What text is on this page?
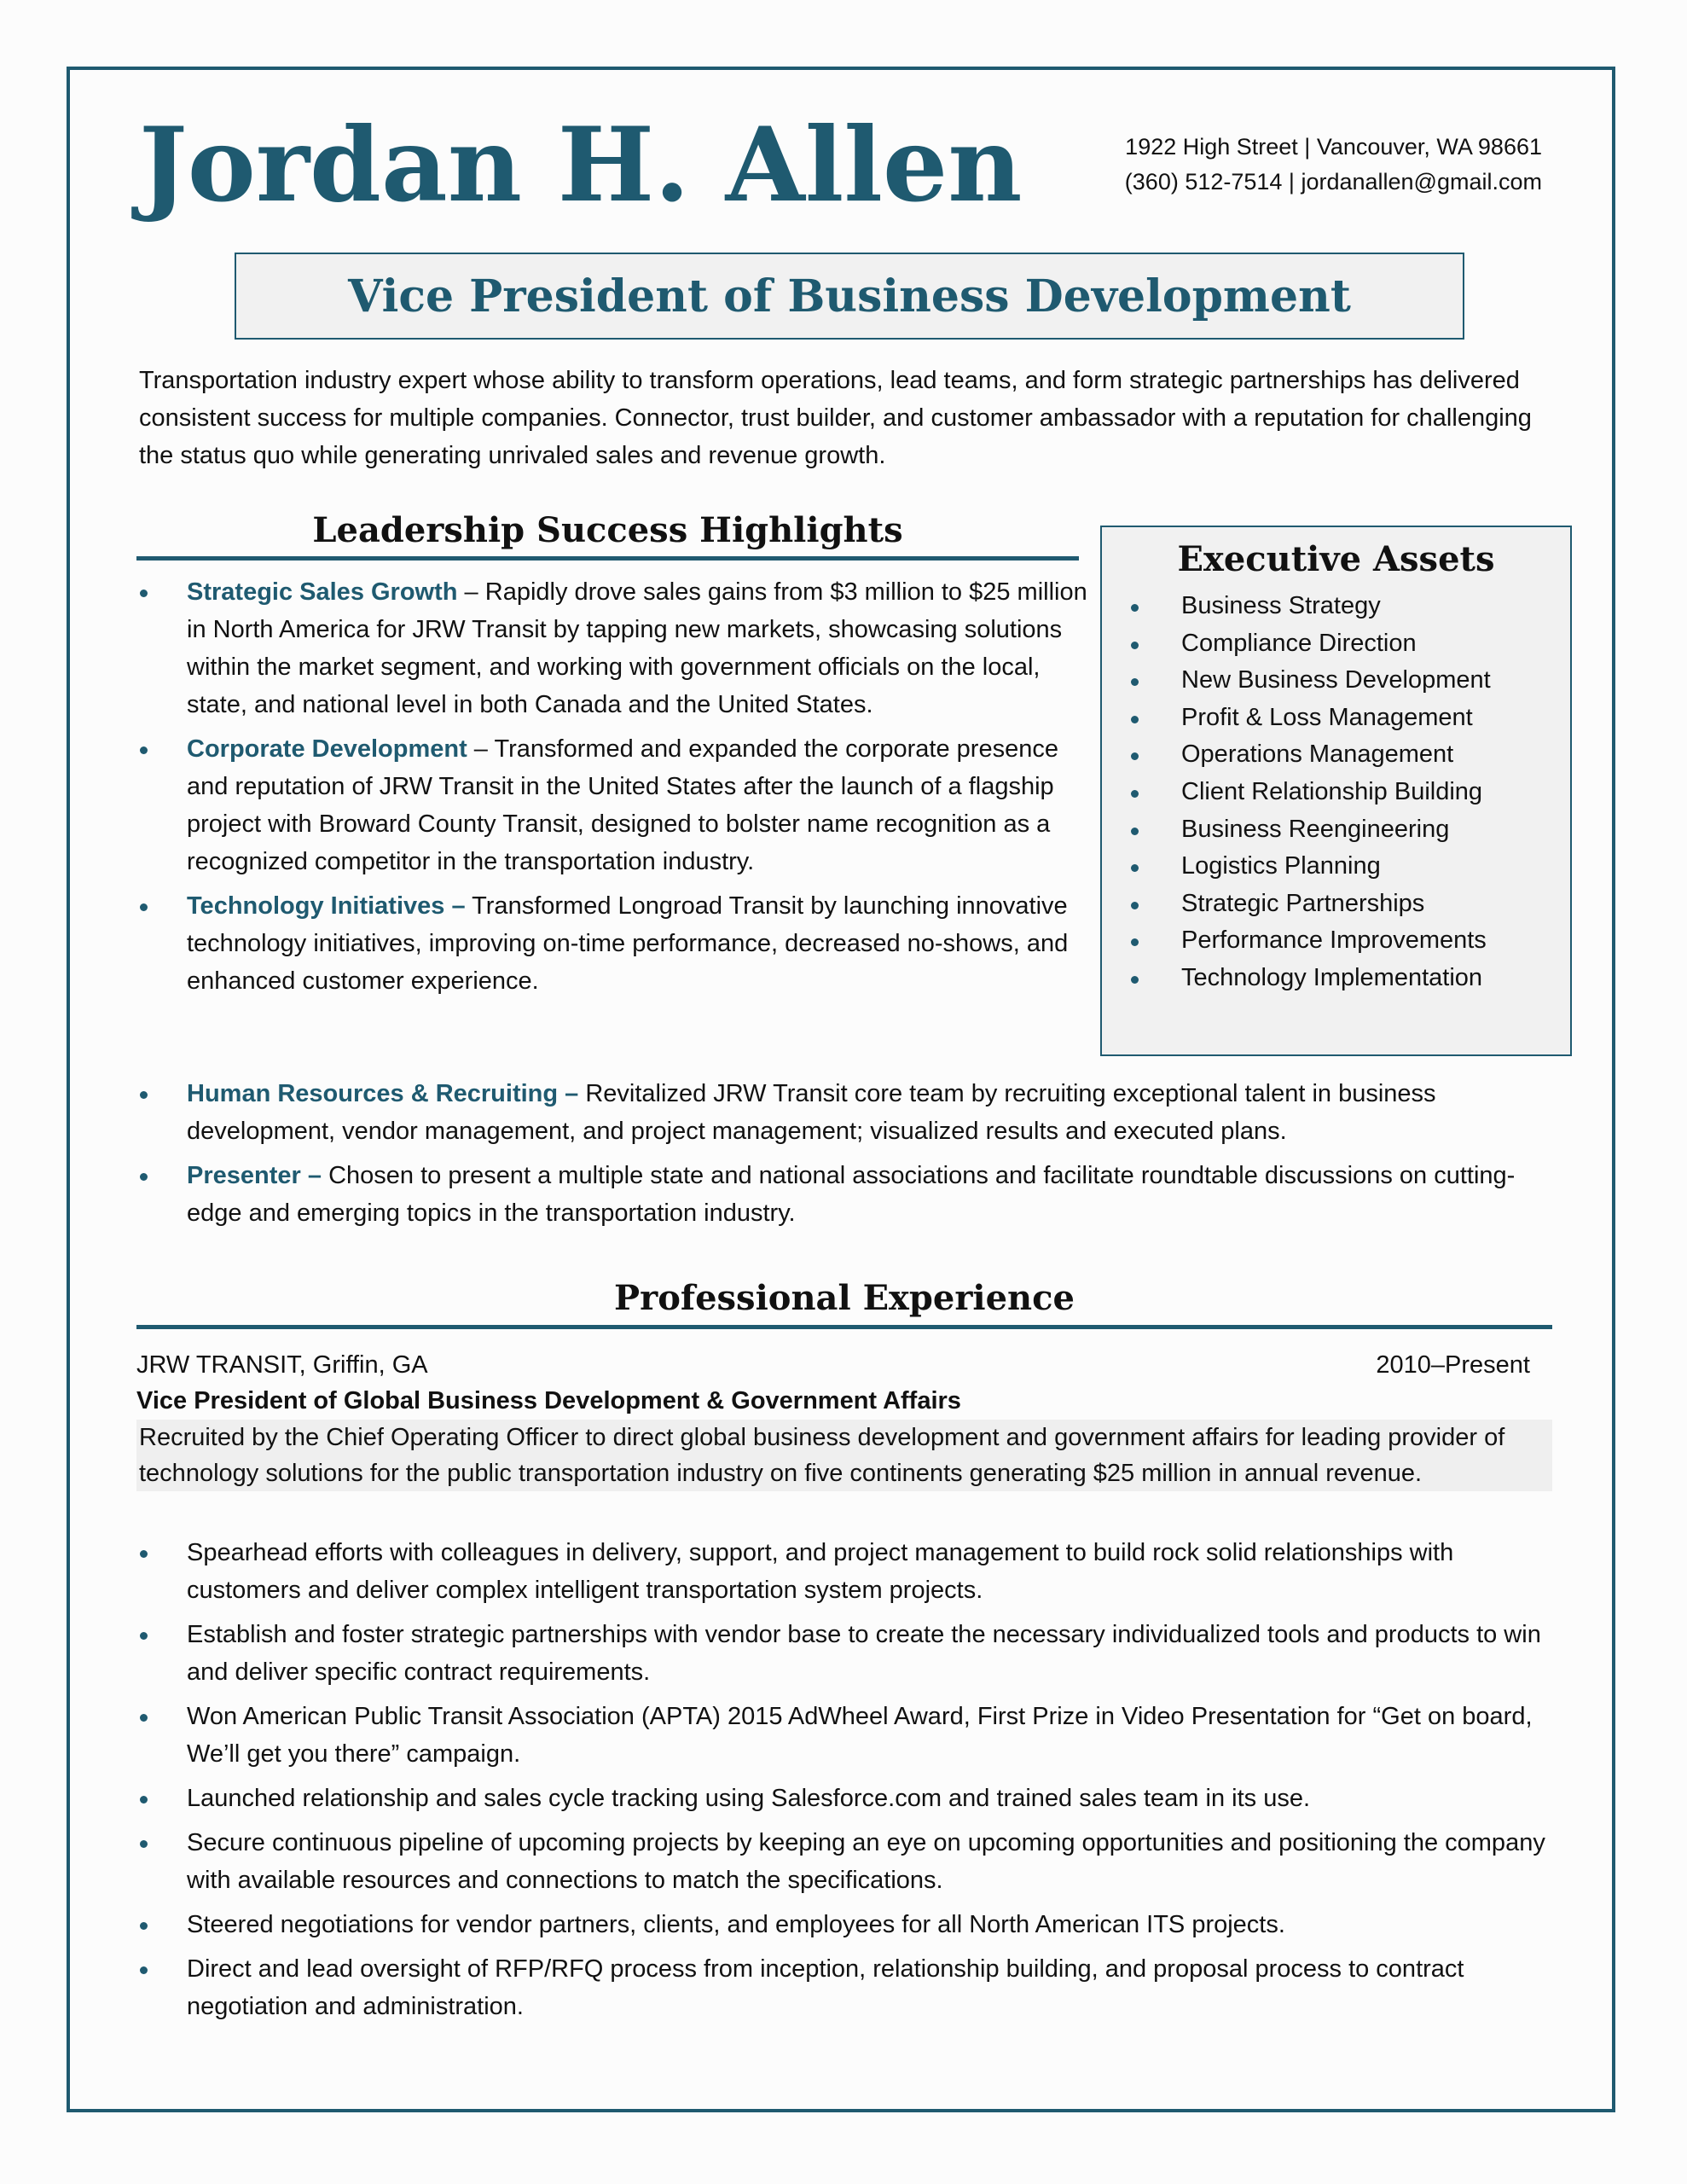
Jordan H. Allen	1922 High Street | Vancouver, WA 98661
(360) 512-7514 | jordanallen@gmail.com
Vice President of Business Development

Transportation industry expert whose ability to transform operations, lead teams, and form strategic partnerships has delivered consistent success for multiple companies. Connector, trust builder, and customer ambassador with a reputation for challenging the status quo while generating unrivaled sales and revenue growth.

Leadership Success Highlights
Strategic Sales Growth – Rapidly drove sales gains from $3 million to $25 million in North America for JRW Transit by tapping new markets, showcasing solutions within the market segment, and working with government officials on the local, state, and national level in both Canada and the United States.
Corporate Development – Transformed and expanded the corporate presence and reputation of JRW Transit in the United States after the launch of a flagship project with Broward County Transit, designed to bolster name recognition as a recognized competitor in the transportation industry.
Technology Initiatives – Transformed Longroad Transit by launching innovative technology initiatives, improving on-time performance, decreased no-shows, and enhanced customer experience.
Human Resources & Recruiting – Revitalized JRW Transit core team by recruiting exceptional talent in business development, vendor management, and project management; visualized results and executed plans.
Presenter – Chosen to present a multiple state and national associations and facilitate roundtable discussions on cutting-edge and emerging topics in the transportation industry.
Executive Assets
Business Strategy
Compliance Direction
New Business Development
Profit & Loss Management
Operations Management
Client Relationship Building
Business Reengineering
Logistics Planning
Strategic Partnerships
Performance Improvements
Technology Implementation
Professional Experience
JRW TRANSIT, Griffin, GA	2010–Present
Vice President of Global Business Development & Government Affairs

Recruited by the Chief Operating Officer to direct global business development and government affairs for leading provider of technology solutions for the public transportation industry on five continents generating $25 million in annual revenue.

Spearhead efforts with colleagues in delivery, support, and project management to build rock solid relationships with customers and deliver complex intelligent transportation system projects.
Establish and foster strategic partnerships with vendor base to create the necessary individualized tools and products to win and deliver specific contract requirements.
Won American Public Transit Association (APTA) 2015 AdWheel Award, First Prize in Video Presentation for “Get on board, We’ll get you there” campaign.
Launched relationship and sales cycle tracking using Salesforce.com and trained sales team in its use.
Secure continuous pipeline of upcoming projects by keeping an eye on upcoming opportunities and positioning the company with available resources and connections to match the specifications.
Steered negotiations for vendor partners, clients, and employees for all North American ITS projects.
Direct and lead oversight of RFP/RFQ process from inception, relationship building, and proposal process to contract negotiation and administration.
